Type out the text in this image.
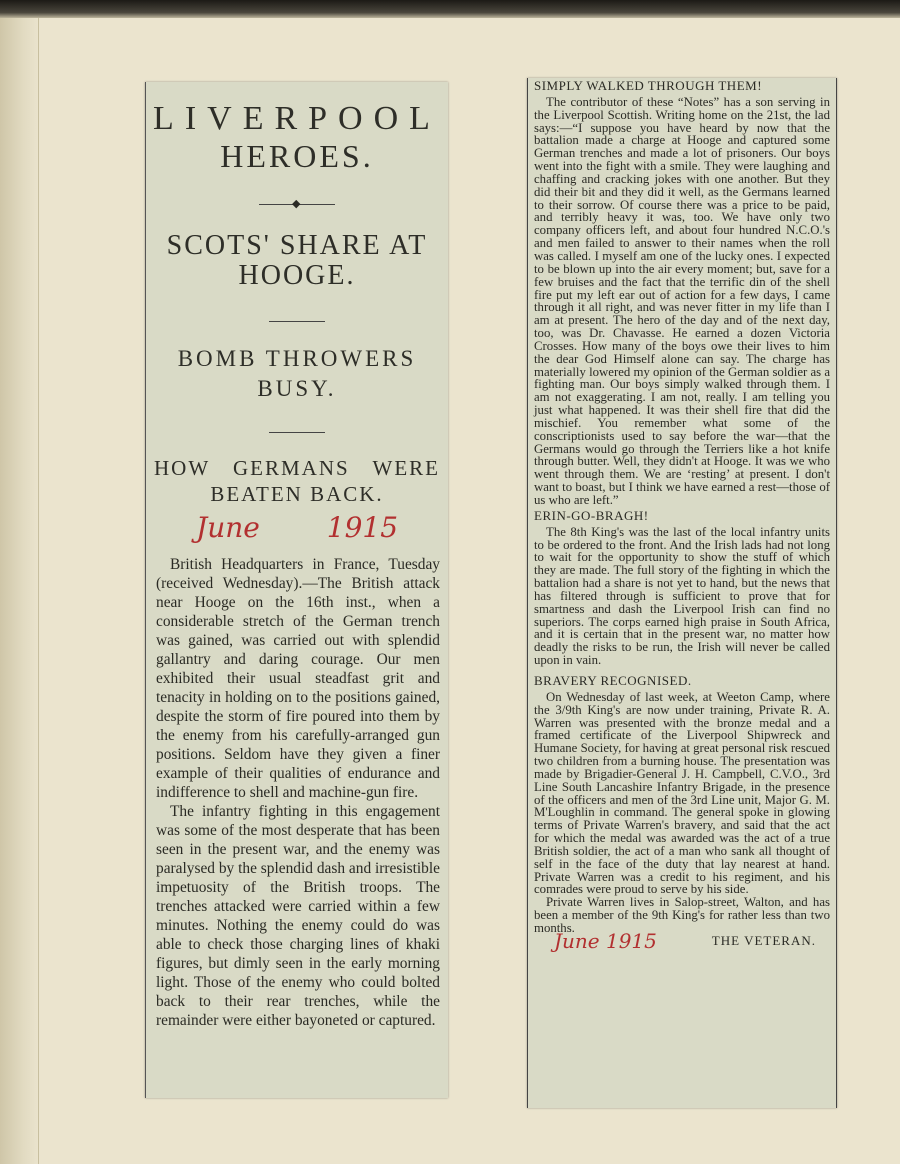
LIVERPOOL
HEROES.
◆
SCOTS' SHARE AT HOOGE.
BOMB THROWERS BUSY.
HOW GERMANS WERE BEATEN BACK.
June 1915

British Headquarters in France, Tuesday (received Wednesday).—The British attack near Hooge on the 16th inst., when a considerable stretch of the German trench was gained, was carried out with splendid gallantry and daring courage. Our men exhibited their usual steadfast grit and tenacity in holding on to the positions gained, despite the storm of fire poured into them by the enemy from his carefully-arranged gun positions. Seldom have they given a finer example of their qualities of endurance and indifference to shell and machine-gun fire.

The infantry fighting in this engagement was some of the most desperate that has been seen in the present war, and the enemy was paralysed by the splendid dash and irresistible impetuosity of the British troops. The trenches attacked were carried within a few minutes. Nothing the enemy could do was able to check those charging lines of khaki figures, but dimly seen in the early morning light. Those of the enemy who could bolted back to their rear trenches, while the remainder were either bayoneted or captured.

SIMPLY WALKED THROUGH THEM!

The contributor of these “Notes” has a son serving in the Liverpool Scottish. Writing home on the 21st, the lad says:—“I suppose you have heard by now that the battalion made a charge at Hooge and captured some German trenches and made a lot of prisoners. Our boys went into the fight with a smile. They were laughing and chaffing and cracking jokes with one another. But they did their bit and they did it well, as the Germans learned to their sorrow. Of course there was a price to be paid, and terribly heavy it was, too. We have only two company officers left, and about four hundred N.C.O.'s and men failed to answer to their names when the roll was called. I myself am one of the lucky ones. I expected to be blown up into the air every moment; but, save for a few bruises and the fact that the terrific din of the shell fire put my left ear out of action for a few days, I came through it all right, and was never fitter in my life than I am at present. The hero of the day and of the next day, too, was Dr. Chavasse. He earned a dozen Victoria Crosses. How many of the boys owe their lives to him the dear God Himself alone can say. The charge has materially lowered my opinion of the German soldier as a fighting man. Our boys simply walked through them. I am not exaggerating. I am not, really. I am telling you just what happened. It was their shell fire that did the mischief. You remember what some of the conscriptionists used to say before the war—that the Germans would go through the Terriers like a hot knife through butter. Well, they didn't at Hooge. It was we who went through them. We are ‘resting’ at present. I don't want to boast, but I think we have earned a rest—those of us who are left.”

ERIN-GO-BRAGH!

The 8th King's was the last of the local infantry units to be ordered to the front. And the Irish lads had not long to wait for the opportunity to show the stuff of which they are made. The full story of the fighting in which the battalion had a share is not yet to hand, but the news that has filtered through is sufficient to prove that for smartness and dash the Liverpool Irish can find no superiors. The corps earned high praise in South Africa, and it is certain that in the present war, no matter how deadly the risks to be run, the Irish will never be called upon in vain.

BRAVERY RECOGNISED.

On Wednesday of last week, at Weeton Camp, where the 3/9th King's are now under training, Private R. A. Warren was presented with the bronze medal and a framed certificate of the Liverpool Shipwreck and Humane Society, for having at great personal risk rescued two children from a burning house. The presentation was made by Brigadier-General J. H. Campbell, C.V.O., 3rd Line South Lancashire Infantry Brigade, in the presence of the officers and men of the 3rd Line unit, Major G. M. M'Loughlin in command. The general spoke in glowing terms of Private Warren's bravery, and said that the act for which the medal was awarded was the act of a true British soldier, the act of a man who sank all thought of self in the face of the duty that lay nearest at hand. Private Warren was a credit to his regiment, and his comrades were proud to serve by his side.

Private Warren lives in Salop-street, Walton, and has been a member of the 9th King's for rather less than two months.

June 1915	THE VETERAN.
